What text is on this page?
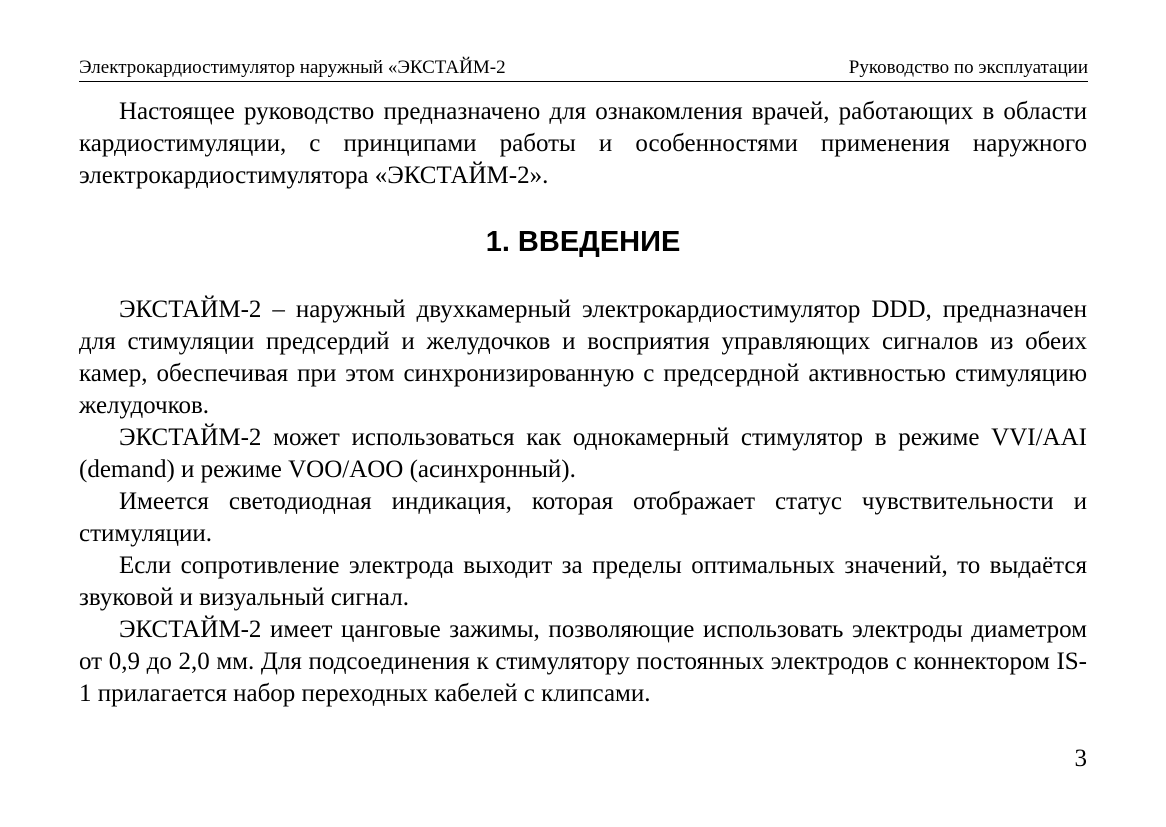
Электрокардиостимулятор наружный «ЭКСТАЙМ-2	Руководство по эксплуатации

Настоящее руководство предназначено для ознакомления врачей, работающих в области кардиостимуляции, с принципами работы и особенностями применения наружного электрокардиостимулятора «ЭКСТАЙМ-2».

1. ВВЕДЕНИЕ

ЭКСТАЙМ-2 – наружный двухкамерный электрокардиостимулятор DDD, предназначен для стимуляции предсердий и желудочков и восприятия управляющих сигналов из обеих камер, обеспечивая при этом синхронизированную с предсердной активностью стимуляцию желудочков.

ЭКСТАЙМ-2 может использоваться как однокамерный стимулятор в режиме VVI/AAI (demand) и режиме VOO/AOO (асинхронный).

Имеется светодиодная индикация, которая отображает статус чувствительности и стимуляции.

Если сопротивление электрода выходит за пределы оптимальных значений, то выдаётся звуковой и визуальный сигнал.

ЭКСТАЙМ-2 имеет цанговые зажимы, позволяющие использовать электроды диаметром от 0,9 до 2,0 мм. Для подсоединения к стимулятору постоянных электродов с коннектором IS-1 прилагается набор переходных кабелей с клипсами.

3
